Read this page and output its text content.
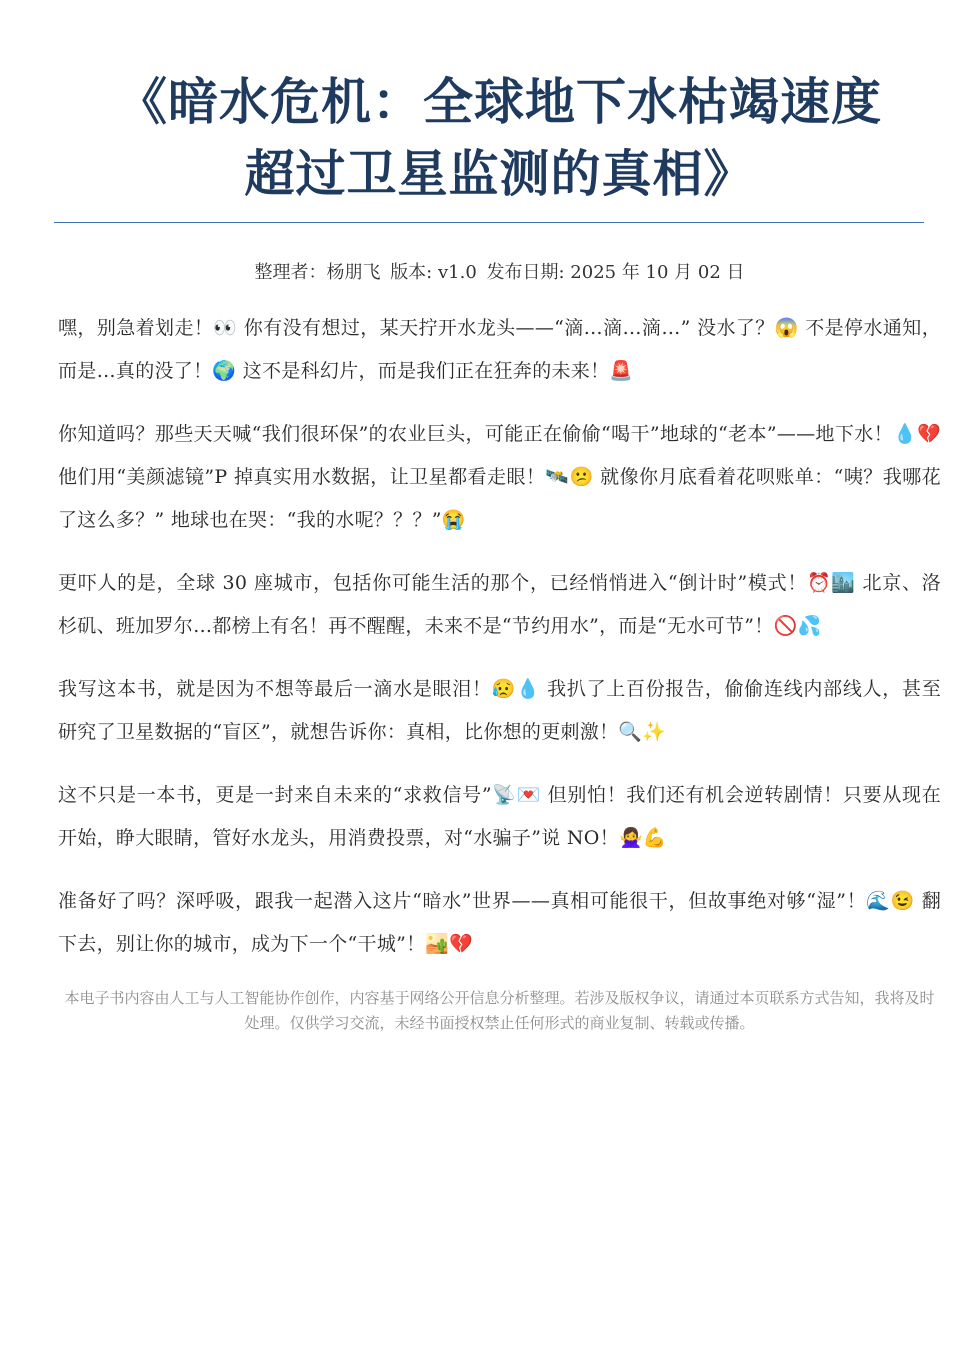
《暗水危机：全球地下水枯竭速度
超过卫星监测的真相》
整理者：杨朋飞 版本: v1.0 发布日期: 2025 年 10 月 02 日

嘿，别急着划走！👀 你有没有想过，某天拧开水龙头——“滴…滴…滴…” 没水了？😱 不是停水通知，而是…真的没了！🌍 这不是科幻片，而是我们正在狂奔的未来！🚨

你知道吗？那些天天喊“我们很环保”的农业巨头，可能正在偷偷“喝干”地球的“老本”——地下水！💧💔 他们用“美颜滤镜”P 掉真实用水数据，让卫星都看走眼！🛰️😕 就像你月底看着花呗账单：“咦？我哪花了这么多？” 地球也在哭：“我的水呢？？？”😭

更吓人的是，全球 30 座城市，包括你可能生活的那个，已经悄悄进入“倒计时”模式！⏰🏙️ 北京、洛杉矶、班加罗尔…都榜上有名！再不醒醒，未来不是“节约用水”，而是“无水可节”！🚫💦

我写这本书，就是因为不想等最后一滴水是眼泪！😥💧 我扒了上百份报告，偷偷连线内部线人，甚至研究了卫星数据的“盲区”，就想告诉你：真相，比你想的更刺激！🔍✨

这不只是一本书，更是一封来自未来的“求救信号”📡💌 但别怕！我们还有机会逆转剧情！只要从现在开始，睁大眼睛，管好水龙头，用消费投票，对“水骗子”说 NO！🙅‍♀️💪

准备好了吗？深呼吸，跟我一起潜入这片“暗水”世界——真相可能很干，但故事绝对够“湿”！🌊😉 翻下去，别让你的城市，成为下一个“干城”！🏜️💔

本电子书内容由人工与人工智能协作创作，内容基于网络公开信息分析整理。若涉及版权争议，请通过本页联系方式告知，我将及时处理。仅供学习交流，未经书面授权禁止任何形式的商业复制、转载或传播。
